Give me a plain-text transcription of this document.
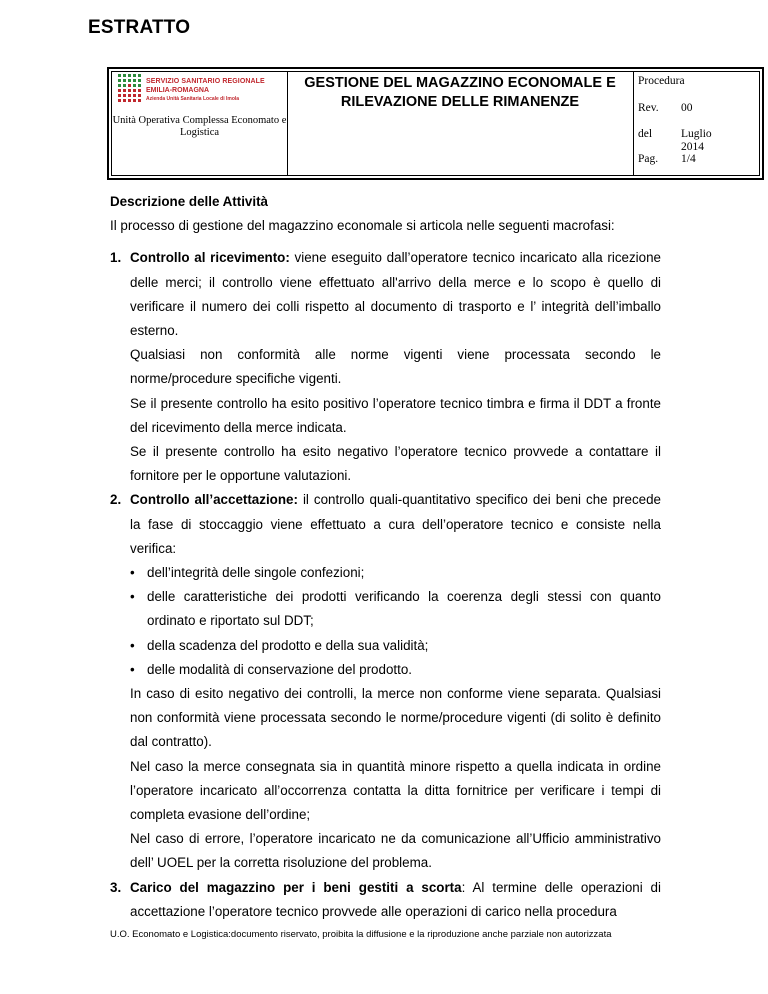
ESTRATTO
SERVIZIO SANITARIO REGIONALE
EMILIA-ROMAGNA
Azienda Unità Sanitaria Locale di Imola
Unità Operativa Complessa Economato e Logistica
GESTIONE DEL MAGAZZINO ECONOMALE E RILEVAZIONE DELLE RIMANENZE
Procedura
Rev. 00
del	Luglio 2014
Pag. 1/4

Descrizione delle Attività

Il processo di gestione del magazzino economale si articola nelle seguenti macrofasi:

1. Controllo al ricevimento: viene eseguito dall’operatore tecnico incaricato alla ricezione delle merci; il controllo viene effettuato all'arrivo della merce e lo scopo è quello di verificare il numero dei colli rispetto al documento di trasporto e l’ integrità dell’imballo esterno.

Qualsiasi non conformità alle norme vigenti viene processata secondo le norme/procedure specifiche vigenti.

Se il presente controllo ha esito positivo l’operatore tecnico timbra e firma il DDT a fronte del ricevimento della merce indicata.

Se il presente controllo ha esito negativo l’operatore tecnico provvede a contattare il fornitore per le opportune valutazioni.

2. Controllo all’accettazione: il controllo quali-quantitativo specifico dei beni che precede la fase di stoccaggio viene effettuato a cura dell’operatore tecnico e consiste nella verifica:

• dell’integrità delle singole confezioni;
• delle caratteristiche dei prodotti verificando la coerenza degli stessi con quanto ordinato e riportato sul DDT;
• della scadenza del prodotto e della sua validità;
• delle modalità di conservazione del prodotto.

In caso di esito negativo dei controlli, la merce non conforme viene separata. Qualsiasi non conformità viene processata secondo le norme/procedure vigenti (di solito è definito dal contratto).

Nel caso la merce consegnata sia in quantità minore rispetto a quella indicata in ordine l’operatore incaricato all’occorrenza contatta la ditta fornitrice per verificare i tempi di completa evasione dell’ordine;

Nel caso di errore, l’operatore incaricato ne da comunicazione all’Ufficio amministrativo dell’ UOEL per la corretta risoluzione del problema.

3. Carico del magazzino per i beni gestiti a scorta: Al termine delle operazioni di accettazione l’operatore tecnico provvede alle operazioni di carico nella procedura

U.O. Economato e Logistica:documento riservato, proibita la diffusione e la riproduzione anche parziale non autorizzata
